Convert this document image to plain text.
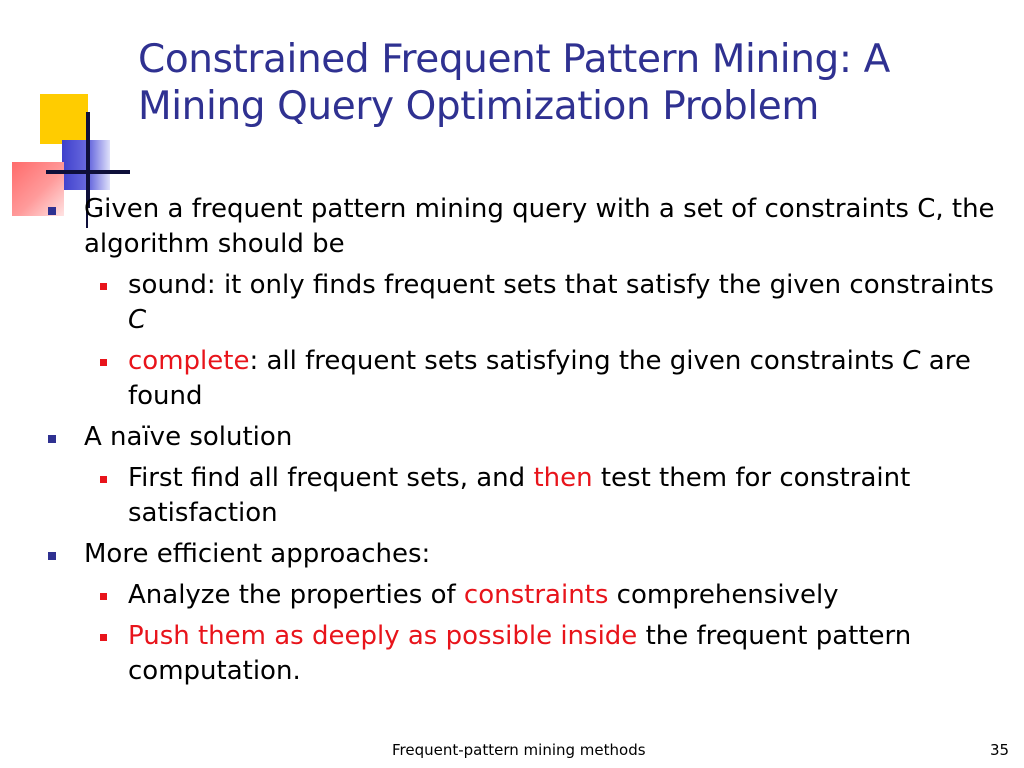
Constrained Frequent Pattern Mining: A Mining Query Optimization Problem
Given a frequent pattern mining query with a set of constraints C, the algorithm should be
sound: it only finds frequent sets that satisfy the given constraints C
complete: all frequent sets satisfying the given constraints C are found
A naïve solution
First find all frequent sets, and then test them for constraint satisfaction
More efficient approaches:
Analyze the properties of constraints comprehensively
Push them as deeply as possible inside the frequent pattern computation.
Frequent-pattern mining methods	35
